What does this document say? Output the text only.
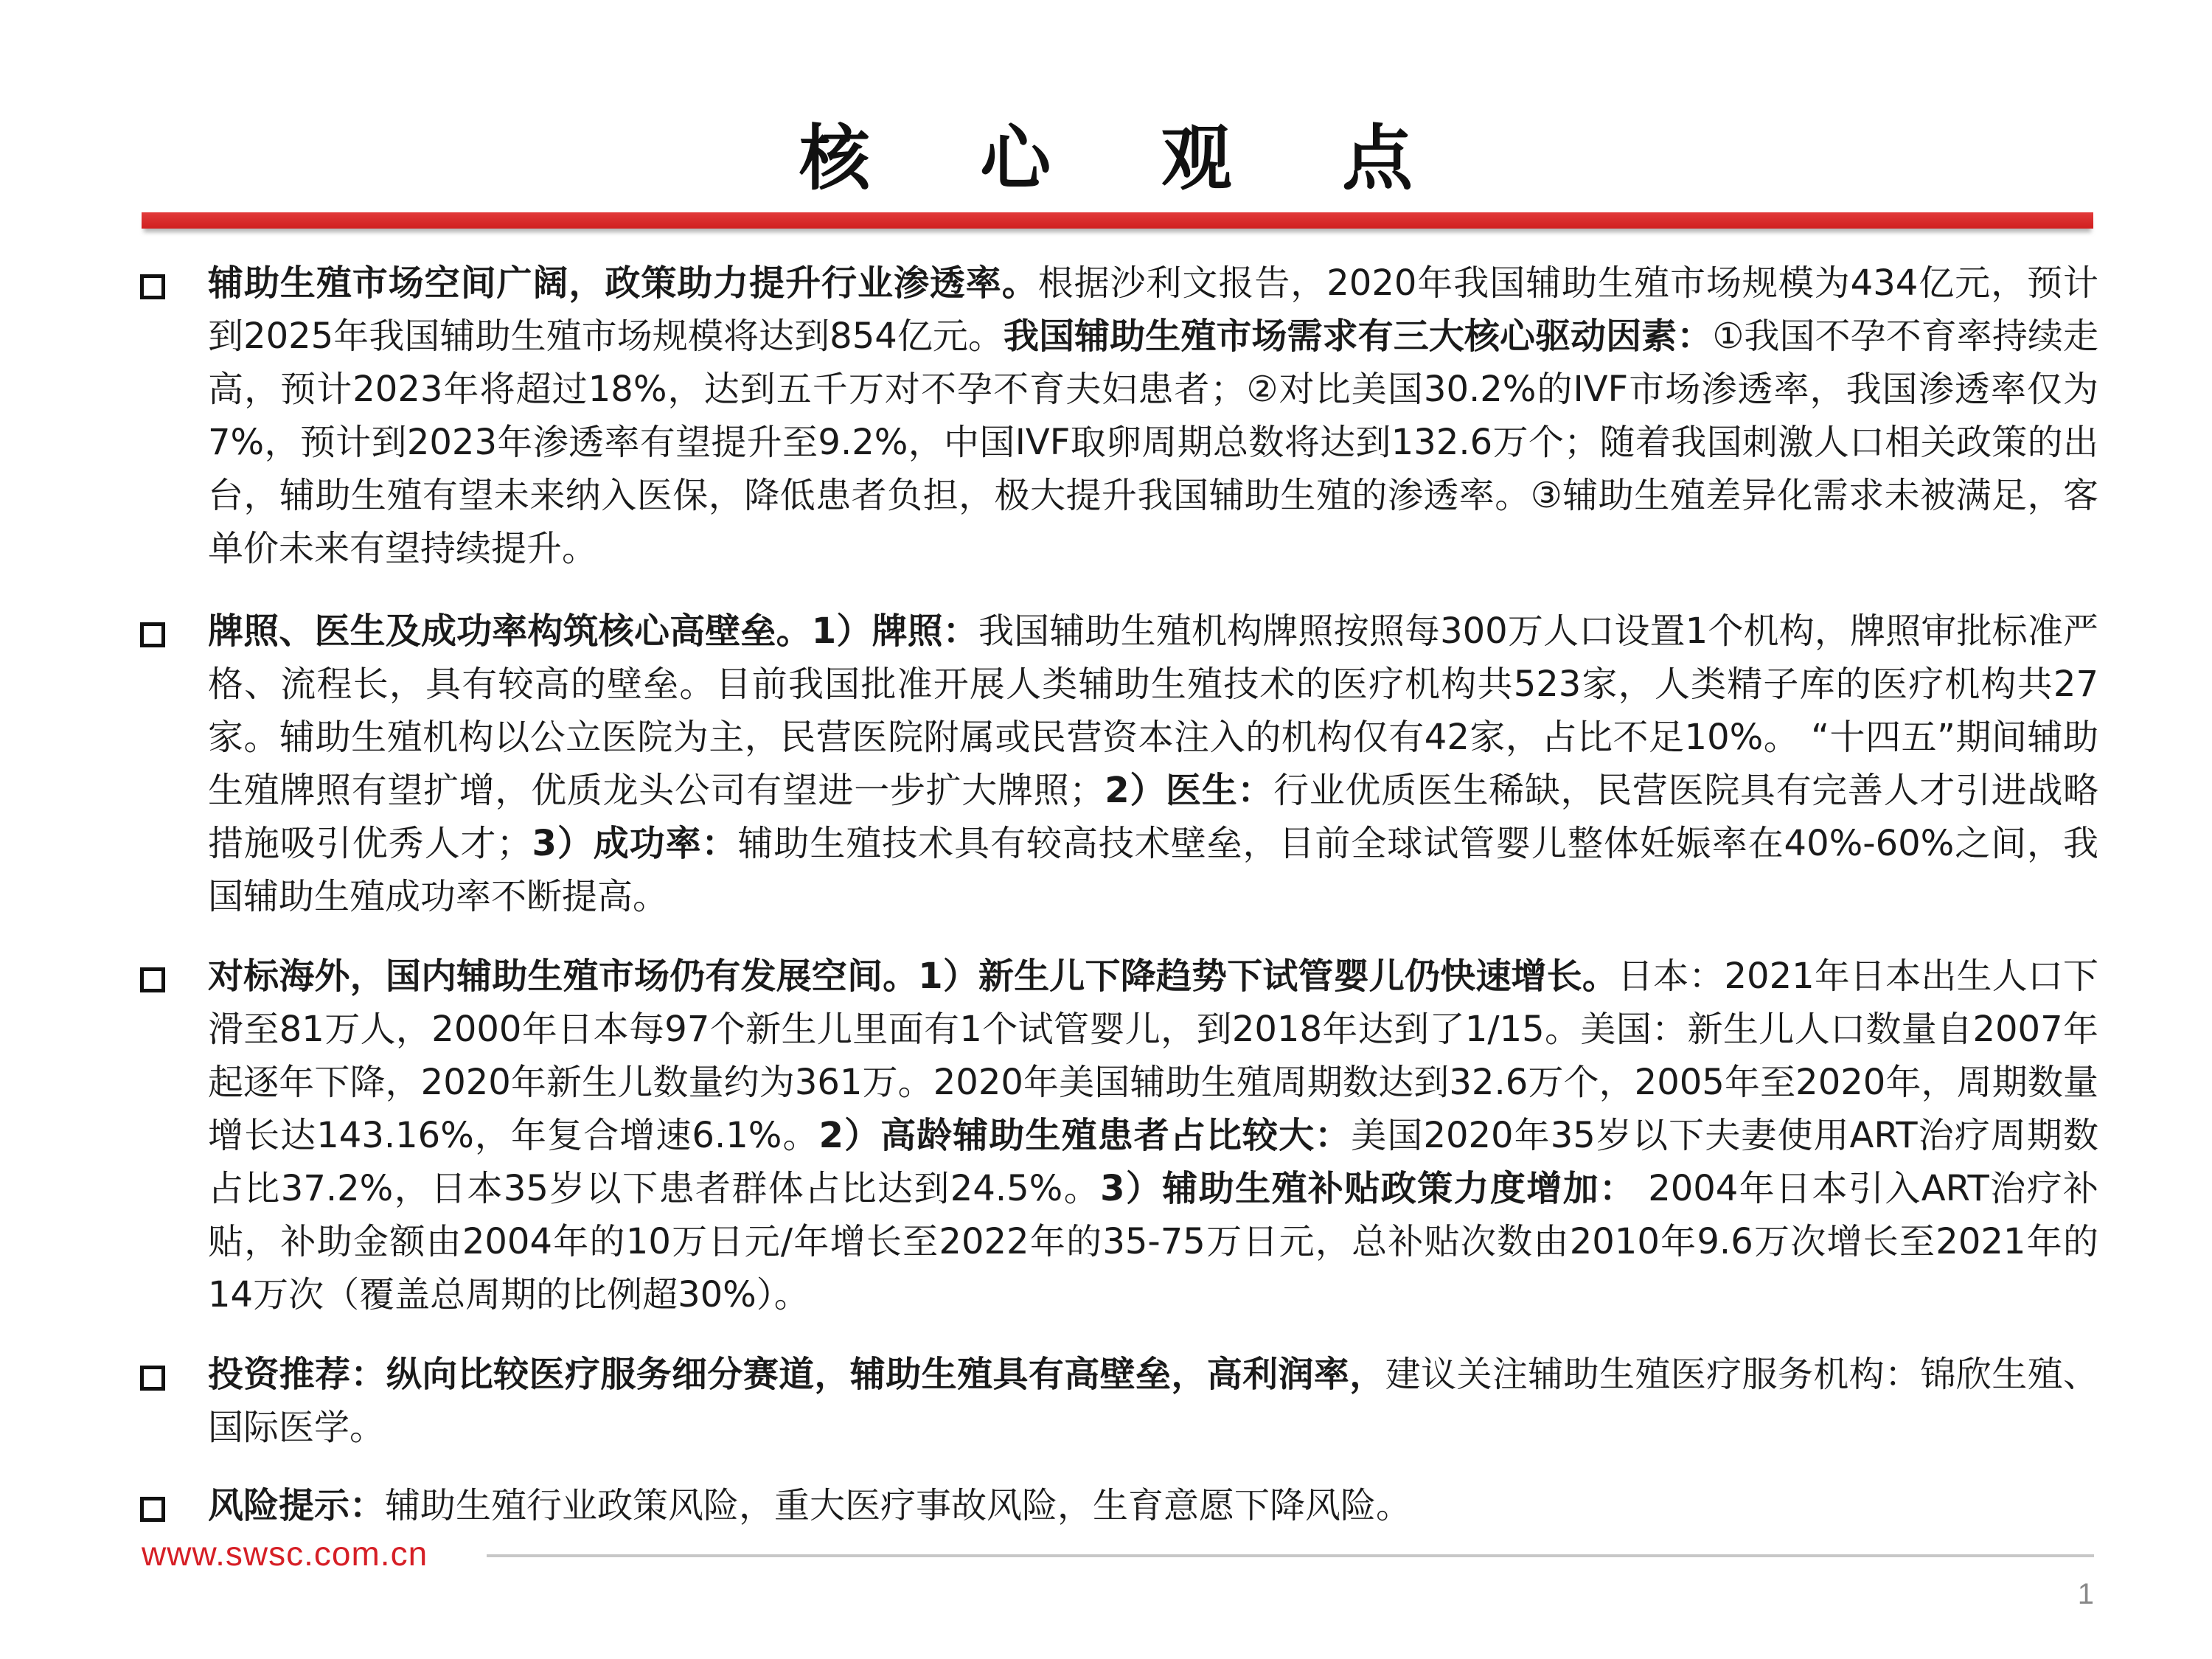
核 心 观 点
辅助生殖市场空间广阔，政策助力提升行业渗透率。根据沙利文报告，2020年我国辅助生殖市场规模为434亿元，预计到2025年我国辅助生殖市场规模将达到854亿元。我国辅助生殖市场需求有三大核心驱动因素：①我国不孕不育率持续走高，预计2023年将超过18%，达到五千万对不孕不育夫妇患者；②对比美国30.2%的IVF市场渗透率，我国渗透率仅为7%，预计到2023年渗透率有望提升至9.2%，中国IVF取卵周期总数将达到132.6万个；随着我国刺激人口相关政策的出台，辅助生殖有望未来纳入医保，降低患者负担，极大提升我国辅助生殖的渗透率。③辅助生殖差异化需求未被满足，客单价未来有望持续提升。
牌照、医生及成功率构筑核心高壁垒。1）牌照：我国辅助生殖机构牌照按照每300万人口设置1个机构，牌照审批标准严格、流程长，具有较高的壁垒。目前我国批准开展人类辅助生殖技术的医疗机构共523家，人类精子库的医疗机构共27家。辅助生殖机构以公立医院为主，民营医院附属或民营资本注入的机构仅有42家，占比不足10%。 “十四五”期间辅助生殖牌照有望扩增，优质龙头公司有望进一步扩大牌照；2）医生：行业优质医生稀缺，民营医院具有完善人才引进战略措施吸引优秀人才；3）成功率：辅助生殖技术具有较高技术壁垒，目前全球试管婴儿整体妊娠率在40%-60%之间，我国辅助生殖成功率不断提高。
对标海外，国内辅助生殖市场仍有发展空间。1）新生儿下降趋势下试管婴儿仍快速增长。日本：2021年日本出生人口下滑至81万人，2000年日本每97个新生儿里面有1个试管婴儿，到2018年达到了1/15。美国：新生儿人口数量自2007年起逐年下降，2020年新生儿数量约为361万。2020年美国辅助生殖周期数达到32.6万个，2005年至2020年，周期数量增长达143.16%，年复合增速6.1%。2）高龄辅助生殖患者占比较大：美国2020年35岁以下夫妻使用ART治疗周期数占比37.2%，日本35岁以下患者群体占比达到24.5%。3）辅助生殖补贴政策力度增加： 2004年日本引入ART治疗补贴，补助金额由2004年的10万日元/年增长至2022年的35-75万日元，总补贴次数由2010年9.6万次增长至2021年的14万次（覆盖总周期的比例超30%）。
投资推荐：纵向比较医疗服务细分赛道，辅助生殖具有高壁垒，高利润率，建议关注辅助生殖医疗服务机构：锦欣生殖、国际医学。
风险提示：辅助生殖行业政策风险，重大医疗事故风险，生育意愿下降风险。
www.swsc.com.cn
1
